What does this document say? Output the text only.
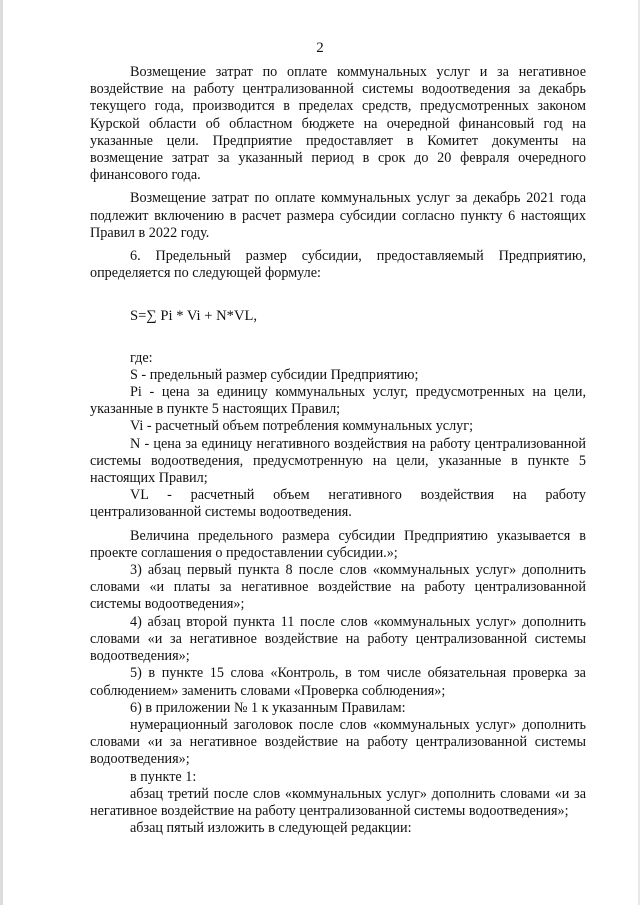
2

Возмещение затрат по оплате коммунальных услуг и за негативное воздействие на работу централизованной системы водоотведения за декабрь текущего года, производится в пределах средств, предусмотренных законом Курской области об областном бюджете на очередной финансовый год на указанные цели. Предприятие предоставляет в Комитет документы на возмещение затрат за указанный период в срок до 20 февраля очередного финансового года.

Возмещение затрат по оплате коммунальных услуг за декабрь 2021 года подлежит включению в расчет размера субсидии согласно пункту 6 настоящих Правил в 2022 году.

6. Предельный размер субсидии, предоставляемый Предприятию, определяется по следующей формуле:

S=∑ Pi * Vi + N*VL,

где:

S - предельный размер субсидии Предприятию;

Pi - цена за единицу коммунальных услуг, предусмотренных на цели, указанные в пункте 5 настоящих Правил;

Vi - расчетный объем потребления коммунальных услуг;

N - цена за единицу негативного воздействия на работу централизованной системы водоотведения, предусмотренную на цели, указанные в пункте 5 настоящих Правил;

VL - расчетный объем негативного воздействия на работу централизованной системы водоотведения.

Величина предельного размера субсидии Предприятию указывается в проекте соглашения о предоставлении субсидии.»;

3) абзац первый пункта 8 после слов «коммунальных услуг» дополнить словами «и платы за негативное воздействие на работу централизованной системы водоотведения»;

4) абзац второй пункта 11 после слов «коммунальных услуг» дополнить словами «и за негативное воздействие на работу централизованной системы водоотведения»;

5) в пункте 15 слова «Контроль, в том числе обязательная проверка за соблюдением» заменить словами «Проверка соблюдения»;

6) в приложении № 1 к указанным Правилам:

нумерационный заголовок после слов «коммунальных услуг» дополнить словами «и за негативное воздействие на работу централизованной системы водоотведения»;

в пункте 1:

абзац третий после слов «коммунальных услуг» дополнить словами «и за негативное воздействие на работу централизованной системы водоотведения»;

абзац пятый изложить в следующей редакции:
